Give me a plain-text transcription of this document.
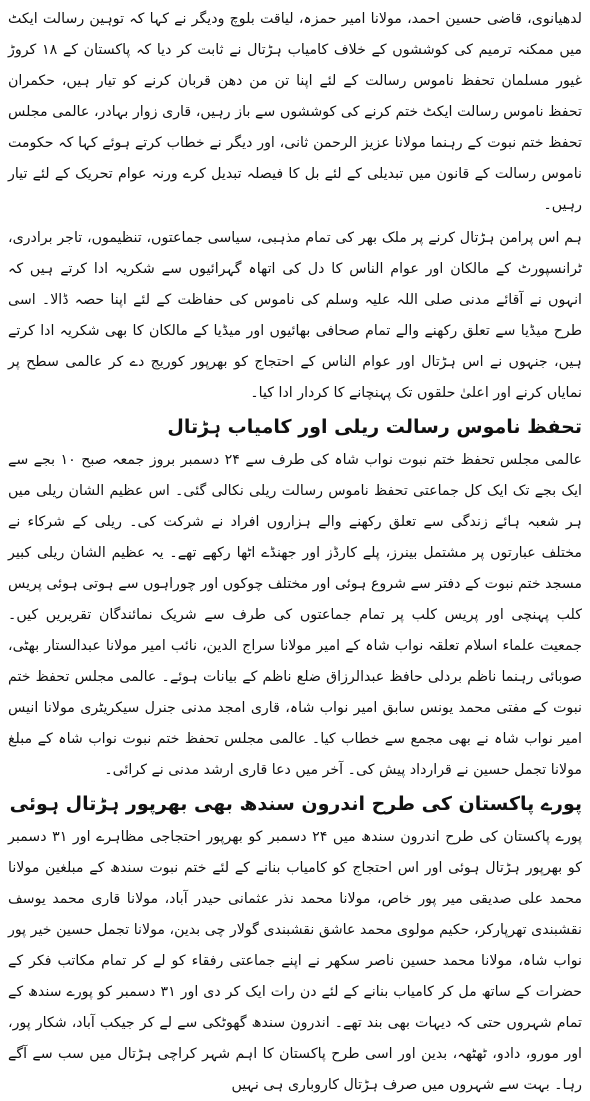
لدھیانوی، قاضی حسین احمد، مولانا امیر حمزہ، لیاقت بلوچ ودیگر نے کہا کہ توہین رسالت ایکٹ میں ممکنہ ترمیم کی کوششوں کے خلاف کامیاب ہڑتال نے ثابت کر دیا کہ پاکستان کے ۱۸ کروڑ غیور مسلمان تحفظ ناموس رسالت کے لئے اپنا تن من دھن قربان کرنے کو تیار ہیں، حکمران تحفظ ناموس رسالت ایکٹ ختم کرنے کی کوششوں سے باز رہیں، قاری زوار بہادر، عالمی مجلس تحفظ ختم نبوت کے رہنما مولانا عزیز الرحمن ثانی، اور دیگر نے خطاب کرتے ہوئے کہا کہ حکومت ناموس رسالت کے قانون میں تبدیلی کے لئے بل کا فیصلہ تبدیل کرے ورنہ عوام تحریک کے لئے تیار رہیں۔

ہم اس پرامن ہڑتال کرنے پر ملک بھر کی تمام مذہبی، سیاسی جماعتوں، تنظیموں، تاجر برادری، ٹرانسپورٹ کے مالکان اور عوام الناس کا دل کی اتھاہ گہرائیوں سے شکریہ ادا کرتے ہیں کہ انہوں نے آقائے مدنی صلی اللہ علیہ وسلم کی ناموس کی حفاظت کے لئے اپنا حصہ ڈالا۔ اسی طرح میڈیا سے تعلق رکھنے والے تمام صحافی بھائیوں اور میڈیا کے مالکان کا بھی شکریہ ادا کرتے ہیں، جنہوں نے اس ہڑتال اور عوام الناس کے احتجاج کو بھرپور کوریج دے کر عالمی سطح پر نمایاں کرنے اور اعلیٰ حلقوں تک پہنچانے کا کردار ادا کیا۔

تحفظ ناموس رسالت ریلی اور کامیاب ہڑتال

عالمی مجلس تحفظ ختم نبوت نواب شاہ کی طرف سے ۲۴ دسمبر بروز جمعہ صبح ۱۰ بجے سے ایک بجے تک ایک کل جماعتی تحفظ ناموس رسالت ریلی نکالی گئی۔ اس عظیم الشان ریلی میں ہر شعبہ ہائے زندگی سے تعلق رکھنے والے ہزاروں افراد نے شرکت کی۔ ریلی کے شرکاء نے مختلف عبارتوں پر مشتمل بینرز، پلے کارڈز اور جھنڈے اٹھا رکھے تھے۔ یہ عظیم الشان ریلی کبیر مسجد ختم نبوت کے دفتر سے شروع ہوئی اور مختلف چوکوں اور چوراہوں سے ہوتی ہوئی پریس کلب پہنچی اور پریس کلب پر تمام جماعتوں کی طرف سے شریک نمائندگان تقریریں کیں۔ جمعیت علماء اسلام تعلقہ نواب شاہ کے امیر مولانا سراج الدین، نائب امیر مولانا عبدالستار بھٹی، صوبائی رہنما ناظم بردلی حافظ عبدالرزاق ضلع ناظم کے بیانات ہوئے۔ عالمی مجلس تحفظ ختم نبوت کے مفتی محمد یونس سابق امیر نواب شاہ، قاری امجد مدنی جنرل سیکریٹری مولانا انیس امیر نواب شاہ نے بھی مجمع سے خطاب کیا۔ عالمی مجلس تحفظ ختم نبوت نواب شاہ کے مبلغ مولانا تجمل حسین نے قرارداد پیش کی۔ آخر میں دعا قاری ارشد مدنی نے کرائی۔

پورے پاکستان کی طرح اندرون سندھ بھی بھرپور ہڑتال ہوئی

پورے پاکستان کی طرح اندرون سندھ میں ۲۴ دسمبر کو بھرپور احتجاجی مظاہرے اور ۳۱ دسمبر کو بھرپور ہڑتال ہوئی اور اس احتجاج کو کامیاب بنانے کے لئے ختم نبوت سندھ کے مبلغین مولانا محمد علی صدیقی میر پور خاص، مولانا محمد نذر عثمانی حیدر آباد، مولانا قاری محمد یوسف نقشبندی تھرپارکر، حکیم مولوی محمد عاشق نقشبندی گولار چی بدین، مولانا تجمل حسین خیر پور نواب شاہ، مولانا محمد حسین ناصر سکھر نے اپنے جماعتی رفقاء کو لے کر تمام مکاتب فکر کے حضرات کے ساتھ مل کر کامیاب بنانے کے لئے دن رات ایک کر دی اور ۳۱ دسمبر کو پورے سندھ کے تمام شہروں حتی کہ دیہات بھی بند تھے۔ اندرون سندھ گھوٹکی سے لے کر جیکب آباد، شکار پور، اور مورو، دادو، ٹھٹھہ، بدین اور اسی طرح پاکستان کا اہم شہر کراچی ہڑتال میں سب سے آگے رہا۔ بہت سے شہروں میں صرف ہڑتال کاروباری ہی نہیں
